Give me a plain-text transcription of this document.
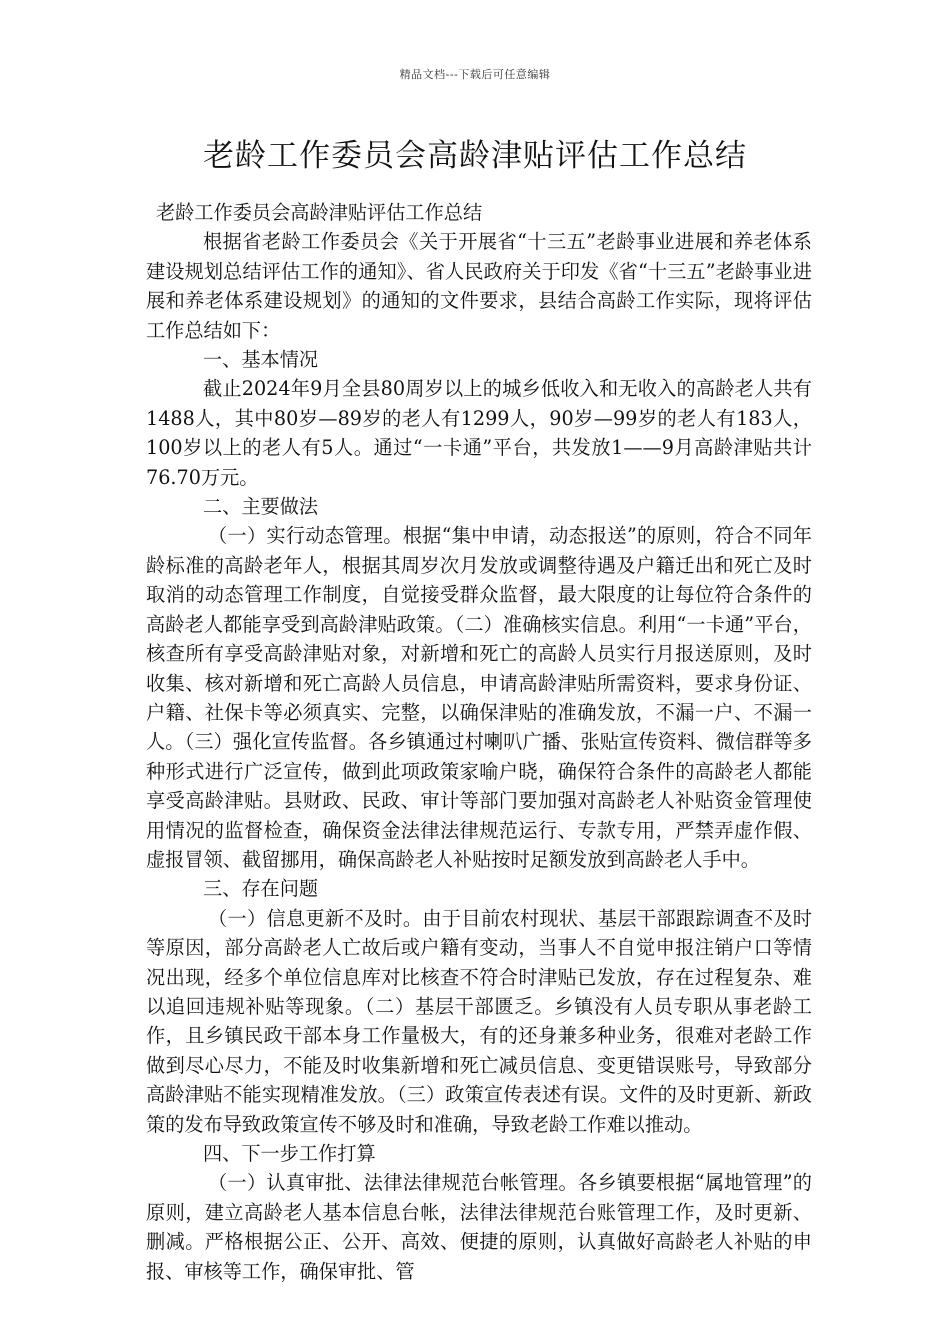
精品文档---下载后可任意编辑
老龄工作委员会高龄津贴评估工作总结

老龄工作委员会高龄津贴评估工作总结

根据省老龄工作委员会《关于开展省“十三五”老龄事业进展和养老体系建设规划总结评估工作的通知》、省人民政府关于印发《省“十三五”老龄事业进展和养老体系建设规划》的通知的文件要求，县结合高龄工作实际，现将评估工作总结如下：

一、基本情况

截止2024年9月全县80周岁以上的城乡低收入和无收入的高龄老人共有1488人，其中80岁—89岁的老人有1299人，90岁—99岁的老人有183人，100岁以上的老人有5人。通过“一卡通”平台，共发放1——9月高龄津贴共计76.70万元。

二、主要做法

（一）实行动态管理。根据“集中申请，动态报送”的原则，符合不同年龄标准的高龄老年人，根据其周岁次月发放或调整待遇及户籍迁出和死亡及时取消的动态管理工作制度，自觉接受群众监督，最大限度的让每位符合条件的高龄老人都能享受到高龄津贴政策。（二）准确核实信息。利用“一卡通”平台，核查所有享受高龄津贴对象，对新增和死亡的高龄人员实行月报送原则，及时收集、核对新增和死亡高龄人员信息，申请高龄津贴所需资料，要求身份证、户籍、社保卡等必须真实、完整，以确保津贴的准确发放，不漏一户、不漏一人。（三）强化宣传监督。各乡镇通过村喇叭广播、张贴宣传资料、微信群等多种形式进行广泛宣传，做到此项政策家喻户晓，确保符合条件的高龄老人都能享受高龄津贴。县财政、民政、审计等部门要加强对高龄老人补贴资金管理使用情况的监督检查，确保资金法律法律规范运行、专款专用，严禁弄虚作假、虚报冒领、截留挪用，确保高龄老人补贴按时足额发放到高龄老人手中。

三、存在问题

（一）信息更新不及时。由于目前农村现状、基层干部跟踪调查不及时等原因，部分高龄老人亡故后或户籍有变动，当事人不自觉申报注销户口等情况出现，经多个单位信息库对比核查不符合时津贴已发放，存在过程复杂、难以追回违规补贴等现象。（二）基层干部匮乏。乡镇没有人员专职从事老龄工作，且乡镇民政干部本身工作量极大，有的还身兼多种业务，很难对老龄工作做到尽心尽力，不能及时收集新增和死亡减员信息、变更错误账号，导致部分高龄津贴不能实现精准发放。（三）政策宣传表述有误。文件的及时更新、新政策的发布导致政策宣传不够及时和准确，导致老龄工作难以推动。

四、下一步工作打算

（一）认真审批、法律法律规范台帐管理。各乡镇要根据“属地管理”的原则，建立高龄老人基本信息台帐，法律法律规范台账管理工作，及时更新、删减。严格根据公正、公开、高效、便捷的原则，认真做好高龄老人补贴的申报、审核等工作，确保审批、管
